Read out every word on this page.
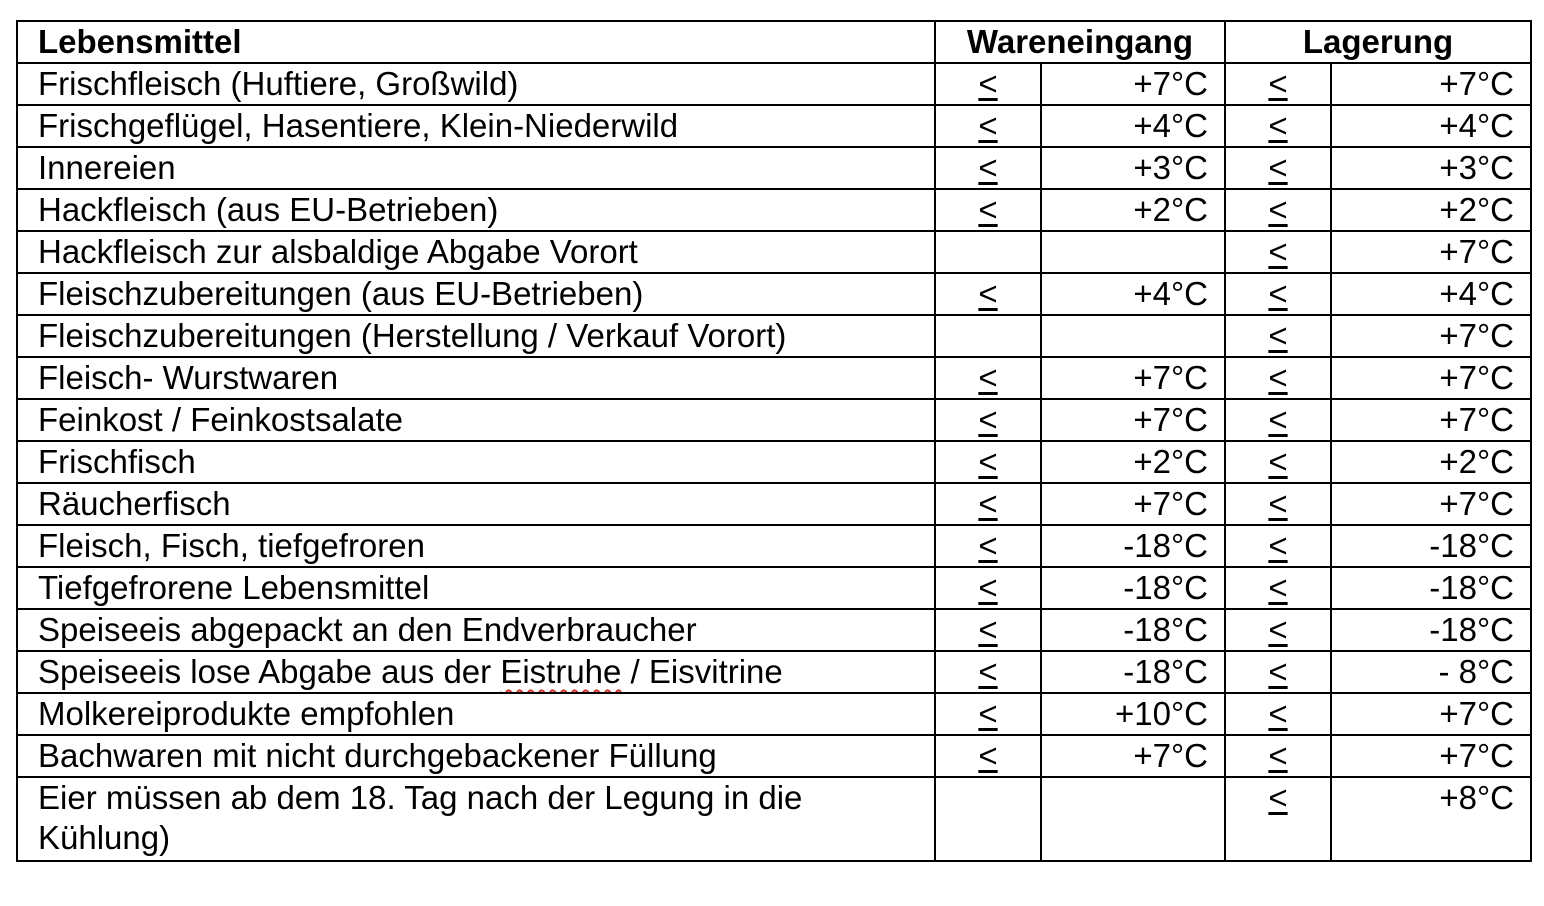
Lebensmittel	Wareneingang		Lagerung	
Frischfleisch (Huftiere, Großwild)	<	+7°C	<	+7°C
Frischgeflügel, Hasentiere, Klein-Niederwild	<	+4°C	<	+4°C
Innereien	<	+3°C	<	+3°C
Hackfleisch (aus EU-Betrieben)	<	+2°C	<	+2°C
Hackfleisch zur alsbaldige Abgabe Vorort			<	+7°C
Fleischzubereitungen (aus EU-Betrieben)	<	+4°C	<	+4°C
Fleischzubereitungen (Herstellung / Verkauf Vorort)			<	+7°C
Fleisch- Wurstwaren	<	+7°C	<	+7°C
Feinkost / Feinkostsalate	<	+7°C	<	+7°C
Frischfisch	<	+2°C	<	+2°C
Räucherfisch	<	+7°C	<	+7°C
Fleisch, Fisch, tiefgefroren	<	-18°C	<	-18°C
Tiefgefrorene Lebensmittel	<	-18°C	<	-18°C
Speiseeis abgepackt an den Endverbraucher	<	-18°C	<	-18°C
Speiseeis lose Abgabe aus der Eistruhe / Eisvitrine	<	-18°C	<	- 8°C
Molkereiprodukte empfohlen	<	+10°C	<	+7°C
Bachwaren mit nicht durchgebackener Füllung	<	+7°C	<	+7°C
Eier müssen ab dem 18. Tag nach der Legung in die Kühlung)			<	+8°C
